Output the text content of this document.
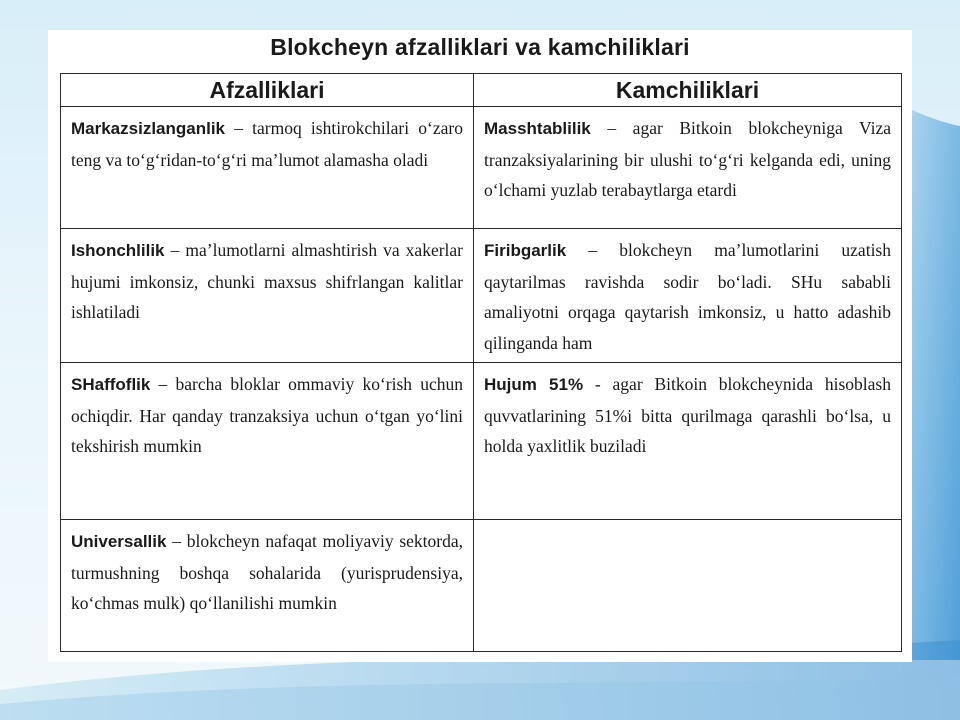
Blokcheyn afzalliklari va kamchiliklari
Afzalliklari	Kamchiliklari
Markazsizlanganlik – tarmoq ishtirokchilari o‘zaro teng va to‘g‘ridan-to‘g‘ri ma’lumot alamasha oladi	Masshtablilik – agar Bitkoin blokcheyniga Viza tranzaksiyalarining bir ulushi to‘g‘ri kelganda edi, uning o‘lchami yuzlab terabaytlarga etardi
Ishonchlilik – ma’lumotlarni almashtirish va xakerlar hujumi imkonsiz, chunki maxsus shifrlangan kalitlar ishlatiladi	Firibgarlik – blokcheyn ma’lumotlarini uzatish qaytarilmas ravishda sodir bo‘ladi. SHu sababli amaliyotni orqaga qaytarish imkonsiz, u hatto adashib qilinganda ham
SHaffoflik – barcha bloklar ommaviy ko‘rish uchun ochiqdir. Har qanday tranzaksiya uchun o‘tgan yo‘lini tekshirish mumkin	Hujum 51% - agar Bitkoin blokcheynida hisoblash quvvatlarining 51%i bitta qurilmaga qarashli bo‘lsa, u holda yaxlitlik buziladi
Universallik – blokcheyn nafaqat moliyaviy sektorda, turmushning boshqa sohalarida (yurisprudensiya, ko‘chmas mulk) qo‘llanilishi mumkin	
